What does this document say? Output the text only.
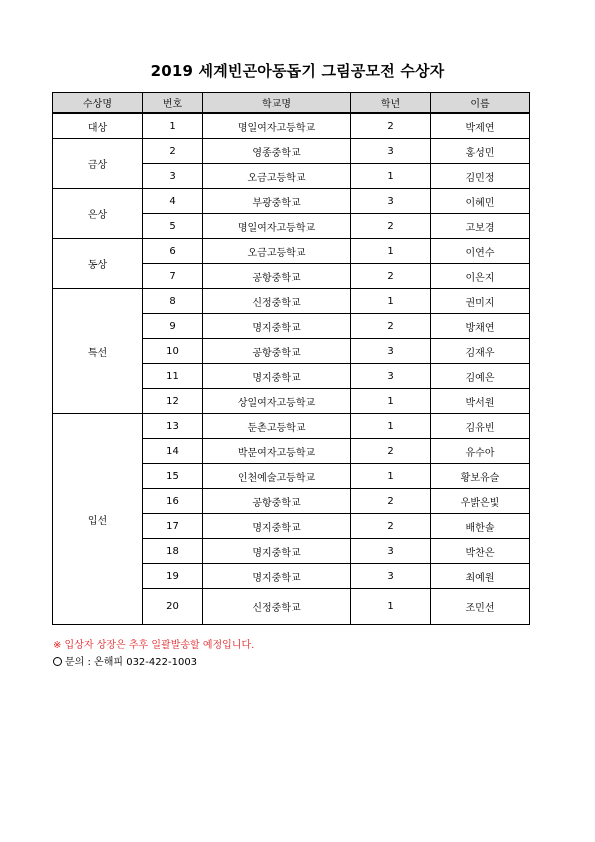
2019 세계빈곤아동돕기 그림공모전 수상자
수상명	번호	학교명	학년	이름
대상	1	명일여자고등학교	2	박제연
금상	2	영종중학교	3	홍성민
	3	오금고등학교	1	김민정
은상	4	부광중학교	3	이혜민
	5	명일여자고등학교	2	고보경
동상	6	오금고등학교	1	이연수
	7	공항중학교	2	이은지
특선	8	신정중학교	1	권미지
	9	명지중학교	2	방채연
	10	공항중학교	3	김재우
	11	명지중학교	3	김예은
	12	상일여자고등학교	1	박서원
입선	13	둔촌고등학교	1	김유빈
	14	박문여자고등학교	2	유수아
	15	인천예술고등학교	1	황보유슬
	16	공항중학교	2	우밝은빛
	17	명지중학교	2	배한솔
	18	명지중학교	3	박찬은
	19	명지중학교	3	최예원
	20	신정중학교	1	조민선
※ 입상자 상장은 추후 일괄발송할 예정입니다.
문의 : 온해피 032-422-1003
